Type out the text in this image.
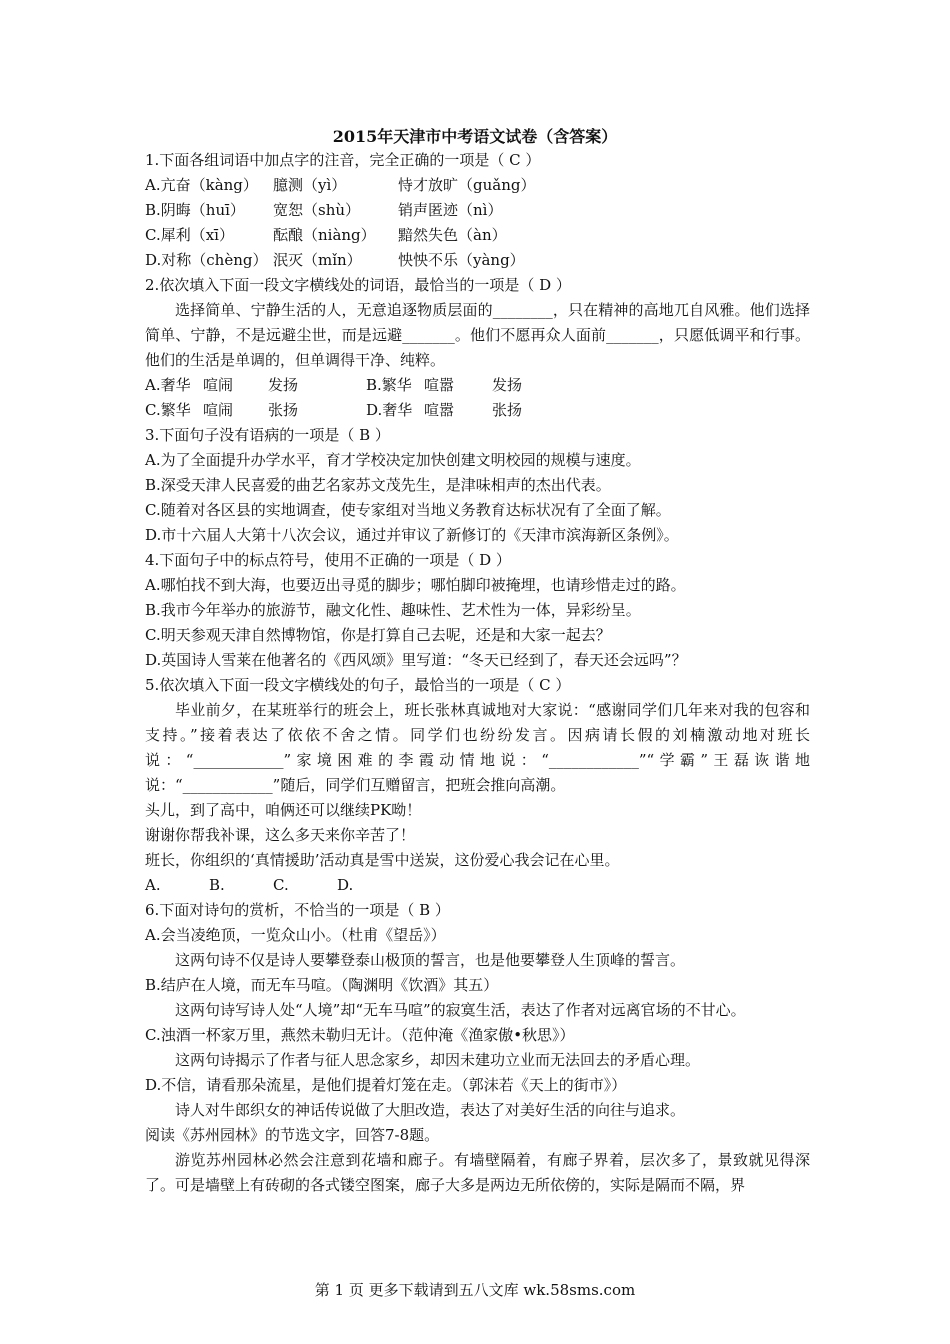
2015年天津市中考语文试卷（含答案）

1.下面各组词语中加点字的注音，完全正确的一项是（ C ）

A.亢奋（kàng）	臆测（yì）	恃才放旷（guǎng）
B.阴晦（huī）	宽恕（shù）	销声匿迹（nì）
C.犀利（xī）	酝酿（niàng）	黯然失色（àn）
D.对称（chèng） 泯灭（mǐn）	怏怏不乐（yàng）

2.依次填入下面一段文字横线处的词语，最恰当的一项是（ D ）

选择简单、宁静生活的人，无意追逐物质层面的________，只在精神的高地兀自风雅。他们选择简单、宁静，不是远避尘世，而是远避_______。他们不愿再众人面前_______，只愿低调平和行事。他们的生活是单调的，但单调得干净、纯粹。

A.奢华 喧闹	发扬	B.繁华 喧嚣	发扬
C.繁华 喧闹	张扬	D.奢华 喧嚣	张扬

3.下面句子没有语病的一项是（ B ）

A.为了全面提升办学水平，育才学校决定加快创建文明校园的规模与速度。

B.深受天津人民喜爱的曲艺名家苏文茂先生，是津味相声的杰出代表。

C.随着对各区县的实地调查，使专家组对当地义务教育达标状况有了全面了解。

D.市十六届人大第十八次会议，通过并审议了新修订的《天津市滨海新区条例》。

4.下面句子中的标点符号，使用不正确的一项是（ D ）

A.哪怕找不到大海，也要迈出寻觅的脚步；哪怕脚印被掩埋，也请珍惜走过的路。

B.我市今年举办的旅游节，融文化性、趣味性、艺术性为一体，异彩纷呈。

C.明天参观天津自然博物馆，你是打算自己去呢，还是和大家一起去？

D.英国诗人雪莱在他著名的《西风颂》里写道：“冬天已经到了，春天还会远吗”？

5.依次填入下面一段文字横线处的句子，最恰当的一项是（ C ）

毕业前夕，在某班举行的班会上，班长张林真诚地对大家说：“感谢同学们几年来对我的包容和支持。”接着表达了依依不舍之情。同学们也纷纷发言。因病请长假的刘楠激动地对班长说：“____________”家境困难的李霞动情地说：“____________”“学霸”王磊诙谐地说：“____________”随后，同学们互赠留言，把班会推向高潮。

头儿，到了高中，咱俩还可以继续PK呦！

谢谢你帮我补课，这么多天来你辛苦了！

班长，你组织的‘真情援助’活动真是雪中送炭，这份爱心我会记在心里。

A.	B.	C.	D.

6.下面对诗句的赏析，不恰当的一项是（ B ）

A.会当凌绝顶，一览众山小。（杜甫《望岳》）

这两句诗不仅是诗人要攀登泰山极顶的誓言，也是他要攀登人生顶峰的誓言。

B.结庐在人境，而无车马喧。（陶渊明《饮酒》其五）

这两句诗写诗人处“人境”却“无车马喧”的寂寞生活，表达了作者对远离官场的不甘心。

C.浊酒一杯家万里，燕然未勒归无计。（范仲淹《渔家傲•秋思》）

这两句诗揭示了作者与征人思念家乡，却因未建功立业而无法回去的矛盾心理。

D.不信，请看那朵流星，是他们提着灯笼在走。（郭沫若《天上的街市》）

诗人对牛郎织女的神话传说做了大胆改造，表达了对美好生活的向往与追求。

阅读《苏州园林》的节选文字，回答7-8题。

游览苏州园林必然会注意到花墙和廊子。有墙壁隔着，有廊子界着，层次多了，景致就见得深了。可是墙壁上有砖砌的各式镂空图案，廊子大多是两边无所依傍的，实际是隔而不隔，界

第 1 页 更多下载请到五八文库 wk.58sms.com
